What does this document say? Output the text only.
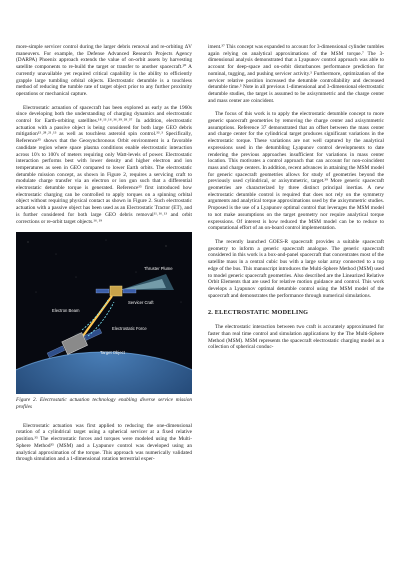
more-simple servicer control during the larger debris removal and re-orbiting ΔV maneuvers. For example, the Defense Advanced Research Projects Agency (DARPA) Phoenix approach extends the value of on-orbit assets by harvesting satellite components to re-build the target or transfer to another spacecraft.²⁰ A currently unavailable yet required critical capability is the ability to efficiently grapple large tumbling orbital objects. Electrostatic detumble is a touchless method of reducing the tumble rate of target object prior to any further proximity operations or mechanical capture.

Electrostatic actuation of spacecraft has been explored as early as the 1960s since developing both the understanding of charging dynamics and electrostatic control for Earth-orbiting satellites.¹⁸˒¹³˒¹⁶˒³⁶˒³⁹˒²⁸˒³⁷ In addition, electrostatic actuation with a passive object is being considered for both large GEO debris mitigation¹⁵˒²⁸˒²¹˒¹³ as well as touchless asteroid spin control.³³˒³ Specifically, Reference³⁵ shows that the Geosynchronous Orbit environment is a favorable candidate region where space plasma conditions enable electrostatic interaction across 10's to 100's of meters requiring only Watt-levels of power. Electrostatic interaction performs best with lower density and higher electron and ion temperatures as seen in GEO compared to lower Earth orbits. The electrostatic detumble mission concept, as shown in Figure 2, requires a servicing craft to modulate charge transfer via an electron or ion gun such that a differential electrostatic detumble torque is generated. Reference³⁵ first introduced how electrostatic charging can be controlled to apply torques on a spinning orbital object without requiring physical contact as shown in Figure 2. Such electrostatic actuation with a passive object has been used as an Electrostatic Tractor (ET), and is further considered for both large GEO debris removal¹¹˒¹⁶˒¹³ and orbit corrections or re-orbit target objects.¹⁶˒¹⁹

Thruster Plume
Electron Beam
Servicer Craft
Target Object
Electrostatic Force

Figure 2. Electrostatic actuation technology enabling diverse service mission profiles

Electrostatic actuation was first applied to reducing the one-dimensional rotation of a cylindrical target using a spherical servicer at a fixed relative position.³⁵ The electrostatic forces and torques were modeled using the Multi-Sphere Method³⁵ (MSM) and a Lyapunov control was developed using an analytical approximation of the torque. This approach was numerically validated through simulation and a 1-dimensional rotation terrestrial exper-

iment.³⁷ This concept was expanded to account for 3-dimensional cylinder tumbles again relying on analytical approximations of the MSM torque.⁷ The 3-dimensional analysis demonstrated that a Lyapunov control approach was able to account for deep-space and on-orbit disturbances performance prediction for nominal, tugging, and pushing servicer activity.⁵ Furthermore, optimization of the servicer relative position increased the detumble controllability and decreased detumble time.⁵ Note in all previous 1-dimensional and 3-dimensional electrostatic detumble studies, the target is assumed to be axisymmetric and the charge center and mass center are coincident.

The focus of this work is to apply the electrostatic detumble concept to more generic spacecraft geometries by removing the charge center and axisymmetric assumptions. Reference 37 demonstrated that an offset between the mass center and charge center for the cylindrical target produces significant variations in the electrostatic torque. These variations are not well captured by the analytical expressions used in the detumbling Lyapunov control developments to date rendering the previous approaches insufficient for variations in mass center location. This motivates a control approach that can account for non-coincident mass and charge centers. In addition, recent advances in attaining the MSM model for generic spacecraft geometries allows for study of geometries beyond the previously used cylindrical, or axisymmetric, target.³⁹ More generic spacecraft geometries are characterized by three distinct principal inertias. A new electrostatic detumble control is required that does not rely on the symmetry arguments and analytical torque approximations used by the axisymmetric studies. Proposed is the use of a Lyapunov optimal control that leverages the MSM model to not make assumptions on the target geometry nor require analytical torque expressions. Of interest is how reduced the MSM model can be to reduce to computational effort of an on-board control implementation.

The recently launched GOES-R spacecraft provides a suitable spacecraft geometry to inform a generic spacecraft analogue. The generic spacecraft considered in this work is a box-and-panel spacecraft that concentrates most of the satellite mass in a central cubic bus with a large solar array connected to a top edge of the bus. This manuscript introduces the Multi-Sphere Method (MSM) used to model generic spacecraft geometries. Also described are the Linearized Relative Orbit Elements that are used for relative motion guidance and control. This work develops a Lyapunov optimal detumble control using the MSM model of the spacecraft and demonstrates the performance through numerical simulations.

2. ELECTROSTATIC MODELING

The electrostatic interaction between two craft is accurately approximated for faster than real time control and simulation applications by the The Multi-Sphere Method (MSM). MSM represents the spacecraft electrostatic charging model as a collection of spherical conduc-
